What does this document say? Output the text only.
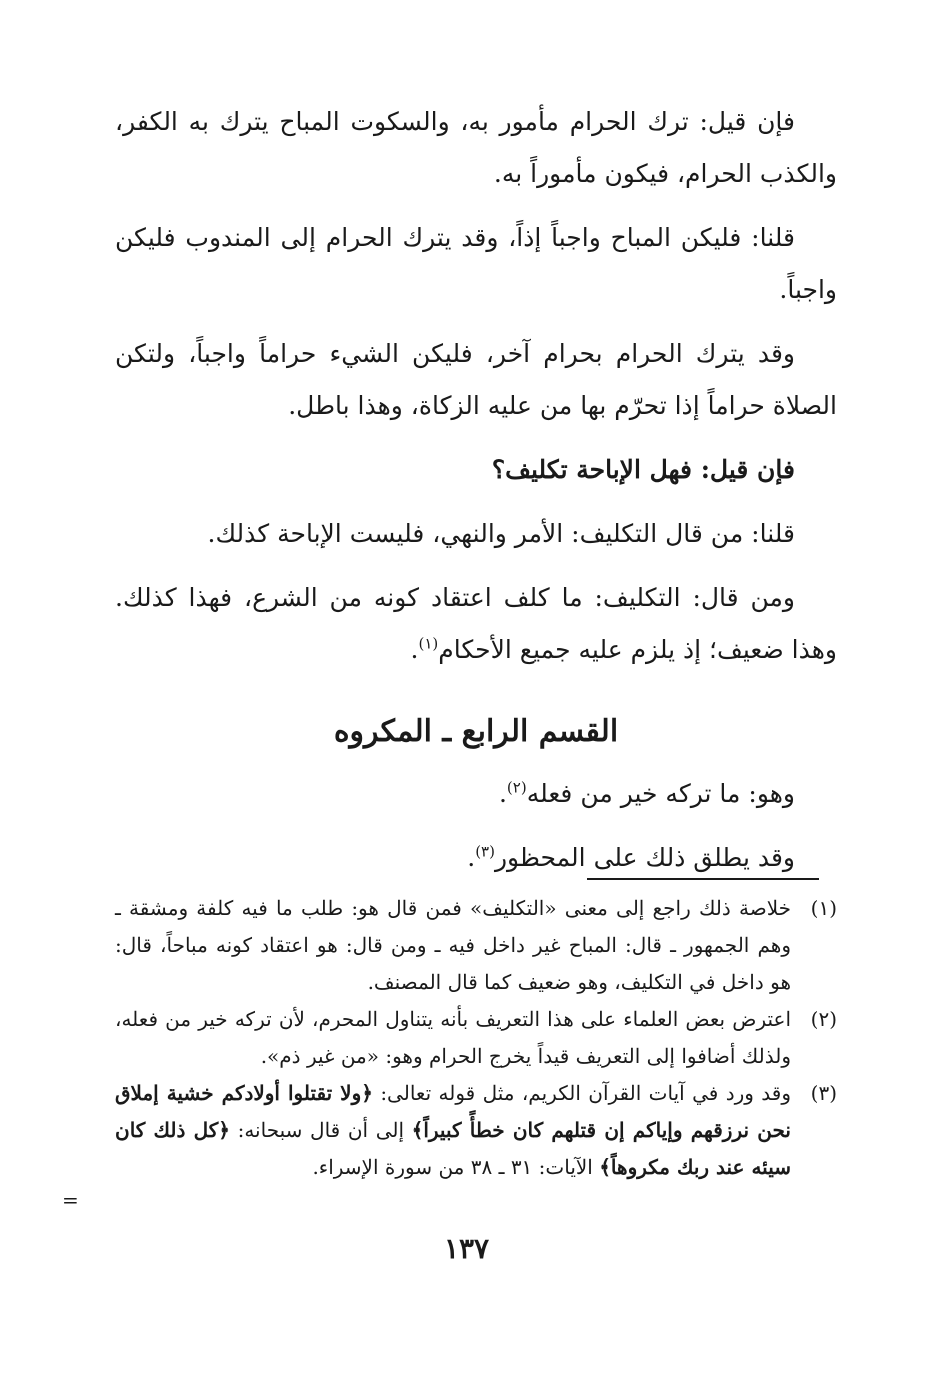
فإن قيل: ترك الحرام مأمور به، والسكوت المباح يترك به الكفر، والكذب الحرام، فيكون مأموراً به.

قلنا: فليكن المباح واجباً إذاً، وقد يترك الحرام إلى المندوب فليكن واجباً.

وقد يترك الحرام بحرام آخر، فليكن الشيء حراماً واجباً، ولتكن الصلاة حراماً إذا تحرّم بها من عليه الزكاة، وهذا باطل.

فإن قيل: فهل الإباحة تكليف؟

قلنا: من قال التكليف: الأمر والنهي، فليست الإباحة كذلك.

ومن قال: التكليف: ما كلف اعتقاد كونه من الشرع، فهذا كذلك. وهذا ضعيف؛ إذ يلزم عليه جميع الأحكام$^{(١)}$.

القسم الرابع ـ المكروه

وهو: ما تركه خير من فعله$^{(٢)}$.

وقد يطلق ذلك على المحظور$^{(٣)}$.

(١)
خلاصة ذلك راجع إلى معنى «التكليف» فمن قال هو: طلب ما فيه كلفة ومشقة ـ وهم الجمهور ـ قال: المباح غير داخل فيه ـ ومن قال: هو اعتقاد كونه مباحاً، قال: هو داخل في التكليف، وهو ضعيف كما قال المصنف.
(٢)
اعترض بعض العلماء على هذا التعريف بأنه يتناول المحرم، لأن تركه خير من فعله، ولذلك أضافوا إلى التعريف قيداً يخرج الحرام وهو: «من غير ذم».
(٣)
وقد ورد في آيات القرآن الكريم، مثل قوله تعالى: ﴿ولا تقتلوا أولادكم خشية إملاق نحن نرزقهم وإياكم إن قتلهم كان خطأً كبيراً﴾ إلى أن قال سبحانه: ﴿كل ذلك كان سيئه عند ربك مكروهاً﴾ الآيات: ٣١ ـ ٣٨ من سورة الإسراء.
=
١٣٧
